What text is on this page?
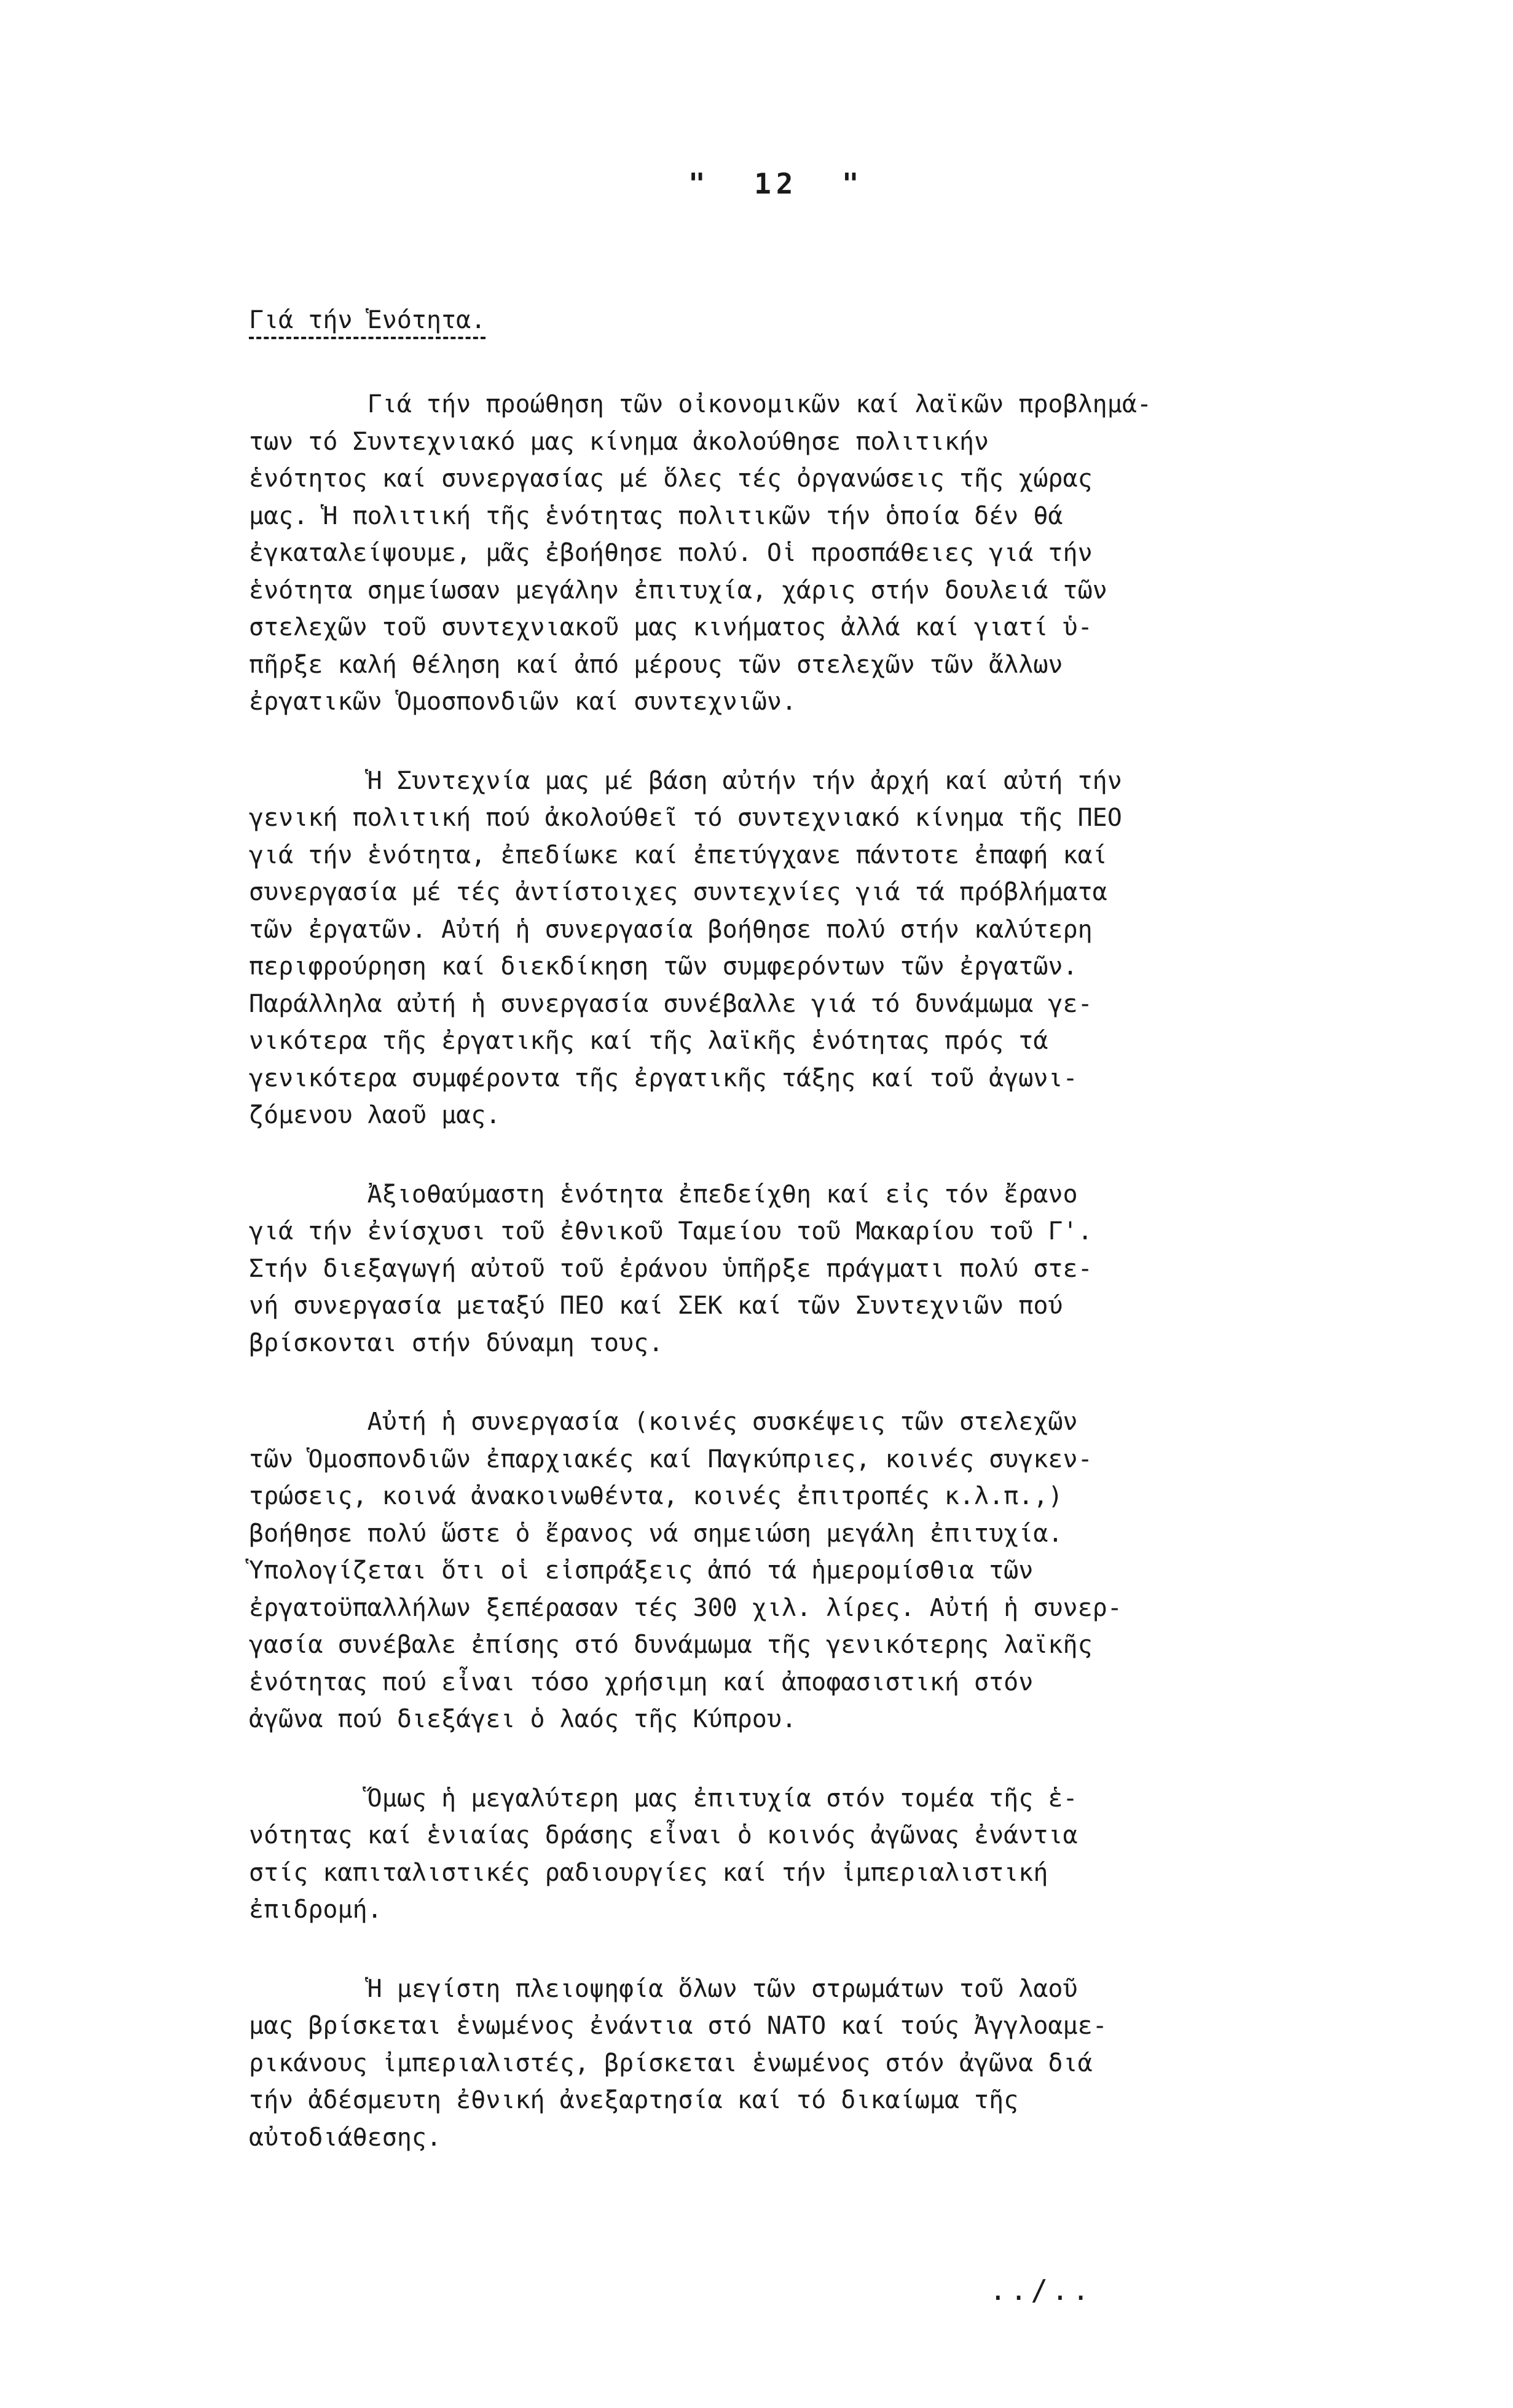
"  12  "
Γιά τήν Ἑνότητα.
Γιά τήν προώθηση τῶν οἰκονομικῶν καί λαϊκῶν προβλημά-
των τό Συντεχνιακό μας κίνημα ἀκολούθησε πολιτικήν
ἑνότητος καί συνεργασίας μέ ὅλες τές ὀργανώσεις τῆς χώρας
μας. Ἡ πολιτική τῆς ἑνότητας πολιτικῶν τήν ὁποία δέν θά
ἐγκαταλείψουμε, μᾶς ἐβοήθησε πολύ. Οἱ προσπάθειες γιά τήν
ἑνότητα σημείωσαν μεγάλην ἐπιτυχία, χάρις στήν δουλειά τῶν
στελεχῶν τοῦ συντεχνιακοῦ μας κινήματος ἀλλά καί γιατί ὑ-
πῆρξε καλή θέληση καί ἀπό μέρους τῶν στελεχῶν τῶν ἄλλων
ἐργατικῶν Ὁμοσπονδιῶν καί συντεχνιῶν.
Ἡ Συντεχνία μας μέ βάση αὐτήν τήν ἀρχή καί αὐτή τήν
γενική πολιτική πού ἀκολούθεῖ τό συντεχνιακό κίνημα τῆς ΠΕΟ
γιά τήν ἑνότητα, ἐπεδίωκε καί ἐπετύγχανε πάντοτε ἐπαφή καί
συνεργασία μέ τές ἀντίστοιχες συντεχνίες γιά τά πρόβλήματα
τῶν ἐργατῶν. Αὐτή ἡ συνεργασία βοήθησε πολύ στήν καλύτερη
περιφρούρηση καί διεκδίκηση τῶν συμφερόντων τῶν ἐργατῶν.
Παράλληλα αὐτή ἡ συνεργασία συνέβαλλε γιά τό δυνάμωμα γε-
νικότερα τῆς ἐργατικῆς καί τῆς λαϊκῆς ἑνότητας πρός τά
γενικότερα συμφέροντα τῆς ἐργατικῆς τάξης καί τοῦ ἀγωνι-
ζόμενου λαοῦ μας.
Ἀξιοθαύμαστη ἑνότητα ἐπεδείχθη καί εἰς τόν ἔρανο
γιά τήν ἐνίσχυσι τοῦ ἐθνικοῦ Ταμείου τοῦ Μακαρίου τοῦ Γ'.
Στήν διεξαγωγή αὐτοῦ τοῦ ἐράνου ὑπῆρξε πράγματι πολύ στε-
νή συνεργασία μεταξύ ΠΕΟ καί ΣΕΚ καί τῶν Συντεχνιῶν πού
βρίσκονται στήν δύναμη τους.
Αὐτή ἡ συνεργασία (κοινές συσκέψεις τῶν στελεχῶν
τῶν Ὁμοσπονδιῶν ἐπαρχιακές καί Παγκύπριες, κοινές συγκεν-
τρώσεις, κοινά ἀνακοινωθέντα, κοινές ἐπιτροπές κ.λ.π.,)
βοήθησε πολύ ὥστε ὁ ἔρανος νά σημειώση μεγάλη ἐπιτυχία.
Ὑπολογίζεται ὅτι οἱ εἰσπράξεις ἀπό τά ἡμερομίσθια τῶν
ἐργατοϋπαλλήλων ξεπέρασαν τές 300 χιλ. λίρες. Αὐτή ἡ συνερ-
γασία συνέβαλε ἐπίσης στό δυνάμωμα τῆς γενικότερης λαϊκῆς
ἑνότητας πού εἶναι τόσο χρήσιμη καί ἀποφασιστική στόν
ἀγῶνα πού διεξάγει ὁ λαός τῆς Κύπρου.
Ὅμως ἡ μεγαλύτερη μας ἐπιτυχία στόν τομέα τῆς ἑ-
νότητας καί ἑνιαίας δράσης εἶναι ὁ κοινός ἀγῶνας ἐνάντια
στίς καπιταλιστικές ραδιουργίες καί τήν ἰμπεριαλιστική
ἐπιδρομή.
Ἡ μεγίστη πλειοψηφία ὅλων τῶν στρωμάτων τοῦ λαοῦ
μας βρίσκεται ἑνωμένος ἐνάντια στό ΝΑΤΟ καί τούς Ἀγγλοαμε-
ρικάνους ἰμπεριαλιστές, βρίσκεται ἑνωμένος στόν ἀγῶνα διά
τήν ἀδέσμευτη ἐθνική ἀνεξαρτησία καί τό δικαίωμα τῆς
αὐτοδιάθεσης.
../..
